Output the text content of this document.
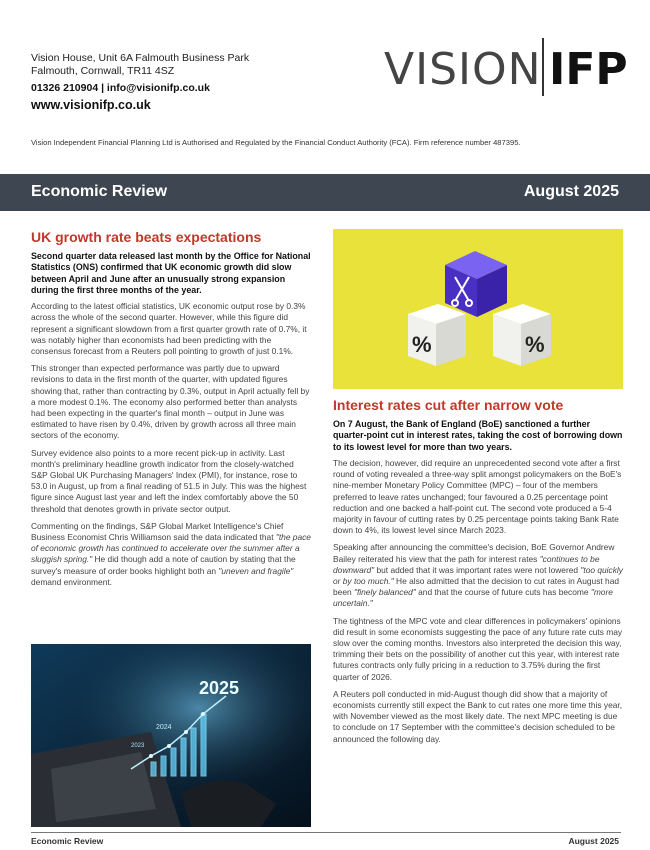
Vision House, Unit 6A Falmouth Business Park
Falmouth, Cornwall, TR11 4SZ
01326 210904 | info@visionifp.co.uk
www.visionifp.co.uk
VISION IFP
Vision Independent Financial Planning Ltd is Authorised and Regulated by the Financial Conduct Authority (FCA). Firm reference number 487395.
Economic Review	August 2025
UK growth rate beats expectations

Second quarter data released last month by the Office for National Statistics (ONS) confirmed that UK economic growth did slow between April and June after an unusually strong expansion during the first three months of the year.

According to the latest official statistics, UK economic output rose by 0.3% across the whole of the second quarter. However, while this figure did represent a significant slowdown from a first quarter growth rate of 0.7%, it was notably higher than economists had been predicting with the consensus forecast from a Reuters poll pointing to growth of just 0.1%.

This stronger than expected performance was partly due to upward revisions to data in the first month of the quarter, with updated figures showing that, rather than contracting by 0.3%, output in April actually fell by a more modest 0.1%. The economy also performed better than analysts had been expecting in the quarter's final month – output in June was estimated to have risen by 0.4%, driven by growth across all three main sectors of the economy.

Survey evidence also points to a more recent pick-up in activity. Last month's preliminary headline growth indicator from the closely-watched S&P Global UK Purchasing Managers' Index (PMI), for instance, rose to 53.0 in August, up from a final reading of 51.5 in July. This was the highest figure since August last year and left the index comfortably above the 50 threshold that denotes growth in private sector output.

Commenting on the findings, S&P Global Market Intelligence's Chief Business Economist Chris Williamson said the data indicated that "the pace of economic growth has continued to accelerate over the summer after a sluggish spring." He did though add a note of caution by stating that the survey's measure of order books highlight both an "uneven and fragile" demand environment.

2025
2024
2023
%	%
Interest rates cut after narrow vote

On 7 August, the Bank of England (BoE) sanctioned a further quarter-point cut in interest rates, taking the cost of borrowing down to its lowest level for more than two years.

The decision, however, did require an unprecedented second vote after a first round of voting revealed a three-way split amongst policymakers on the BoE's nine-member Monetary Policy Committee (MPC) – four of the members preferred to leave rates unchanged; four favoured a 0.25 percentage point reduction and one backed a half-point cut. The second vote produced a 5-4 majority in favour of cutting rates by 0.25 percentage points taking Bank Rate down to 4%, its lowest level since March 2023.

Speaking after announcing the committee's decision, BoE Governor Andrew Bailey reiterated his view that the path for interest rates "continues to be downward" but added that it was important rates were not lowered "too quickly or by too much." He also admitted that the decision to cut rates in August had been "finely balanced" and that the course of future cuts has become "more uncertain."

The tightness of the MPC vote and clear differences in policymakers' opinions did result in some economists suggesting the pace of any future rate cuts may slow over the coming months. Investors also interpreted the decision this way, trimming their bets on the possibility of another cut this year, with interest rate futures contracts only fully pricing in a reduction to 3.75% during the first quarter of 2026.

A Reuters poll conducted in mid-August though did show that a majority of economists currently still expect the Bank to cut rates one more time this year, with November viewed as the most likely date. The next MPC meeting is due to conclude on 17 September with the committee's decision scheduled to be announced the following day.

Economic Review	August 2025
